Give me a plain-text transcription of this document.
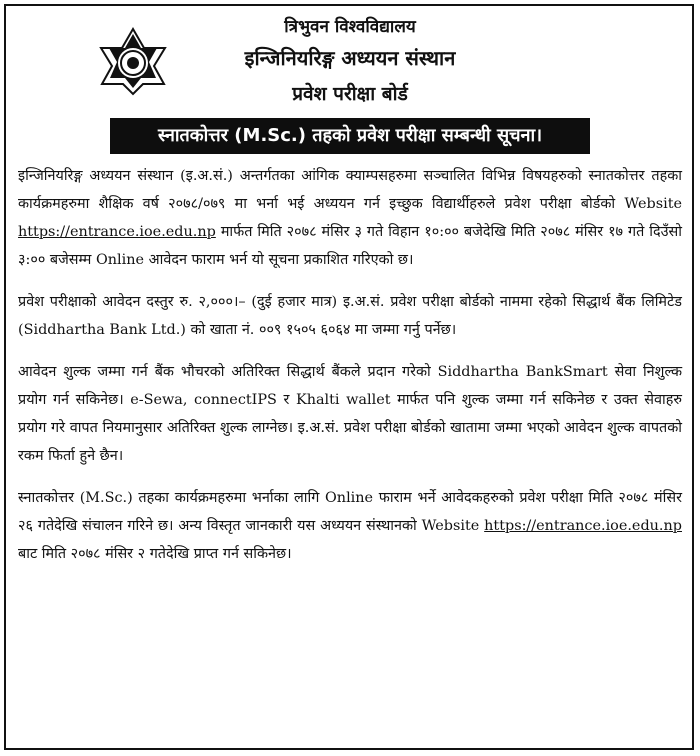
त्रिभुवन विश्वविद्यालय
इन्जिनियरिङ्ग अध्ययन संस्थान
प्रवेश परीक्षा बोर्ड
स्नातकोत्तर (M.Sc.) तहको प्रवेश परीक्षा सम्बन्धी सूचना।

इन्जिनियरिङ्ग अध्ययन संस्थान (इ.अ.सं.) अन्तर्गतका आंगिक क्याम्पसहरुमा सञ्चालित विभिन्न विषयहरुको स्नातकोत्तर तहका कार्यक्रमहरुमा शैक्षिक वर्ष २०७८/०७९ मा भर्ना भई अध्ययन गर्न इच्छुक विद्यार्थीहरुले प्रवेश परीक्षा बोर्डको Website https://entrance.ioe.edu.np मार्फत मिति २०७८ मंसिर ३ गते विहान १०:०० बजेदेखि मिति २०७८ मंसिर १७ गते दिउँसो ३:०० बजेसम्म Online आवेदन फाराम भर्न यो सूचना प्रकाशित गरिएको छ।

प्रवेश परीक्षाको आवेदन दस्तुर रु. २,०००।– (दुई हजार मात्र) इ.अ.सं. प्रवेश परीक्षा बोर्डको नाममा रहेको सिद्धार्थ बैंक लिमिटेड (Siddhartha Bank Ltd.) को खाता नं. ००९ १५०५ ६०६४ मा जम्मा गर्नु पर्नेछ।

आवेदन शुल्क जम्मा गर्न बैंक भौचरको अतिरिक्त सिद्धार्थ बैंकले प्रदान गरेको Siddhartha BankSmart सेवा निशुल्क प्रयोग गर्न सकिनेछ। e-Sewa, connectIPS र Khalti wallet मार्फत पनि शुल्क जम्मा गर्न सकिनेछ र उक्त सेवाहरु प्रयोग गरे वापत नियमानुसार अतिरिक्त शुल्क लाग्नेछ। इ.अ.सं. प्रवेश परीक्षा बोर्डको खातामा जम्मा भएको आवेदन शुल्क वापतको रकम फिर्ता हुने छैन।

स्नातकोत्तर (M.Sc.) तहका कार्यक्रमहरुमा भर्नाका लागि Online फाराम भर्ने आवेदकहरुको प्रवेश परीक्षा मिति २०७८ मंसिर २६ गतेदेखि संचालन गरिने छ। अन्य विस्तृत जानकारी यस अध्ययन संस्थानको Website https://entrance.ioe.edu.np बाट मिति २०७८ मंसिर २ गतेदेखि प्राप्त गर्न सकिनेछ।
